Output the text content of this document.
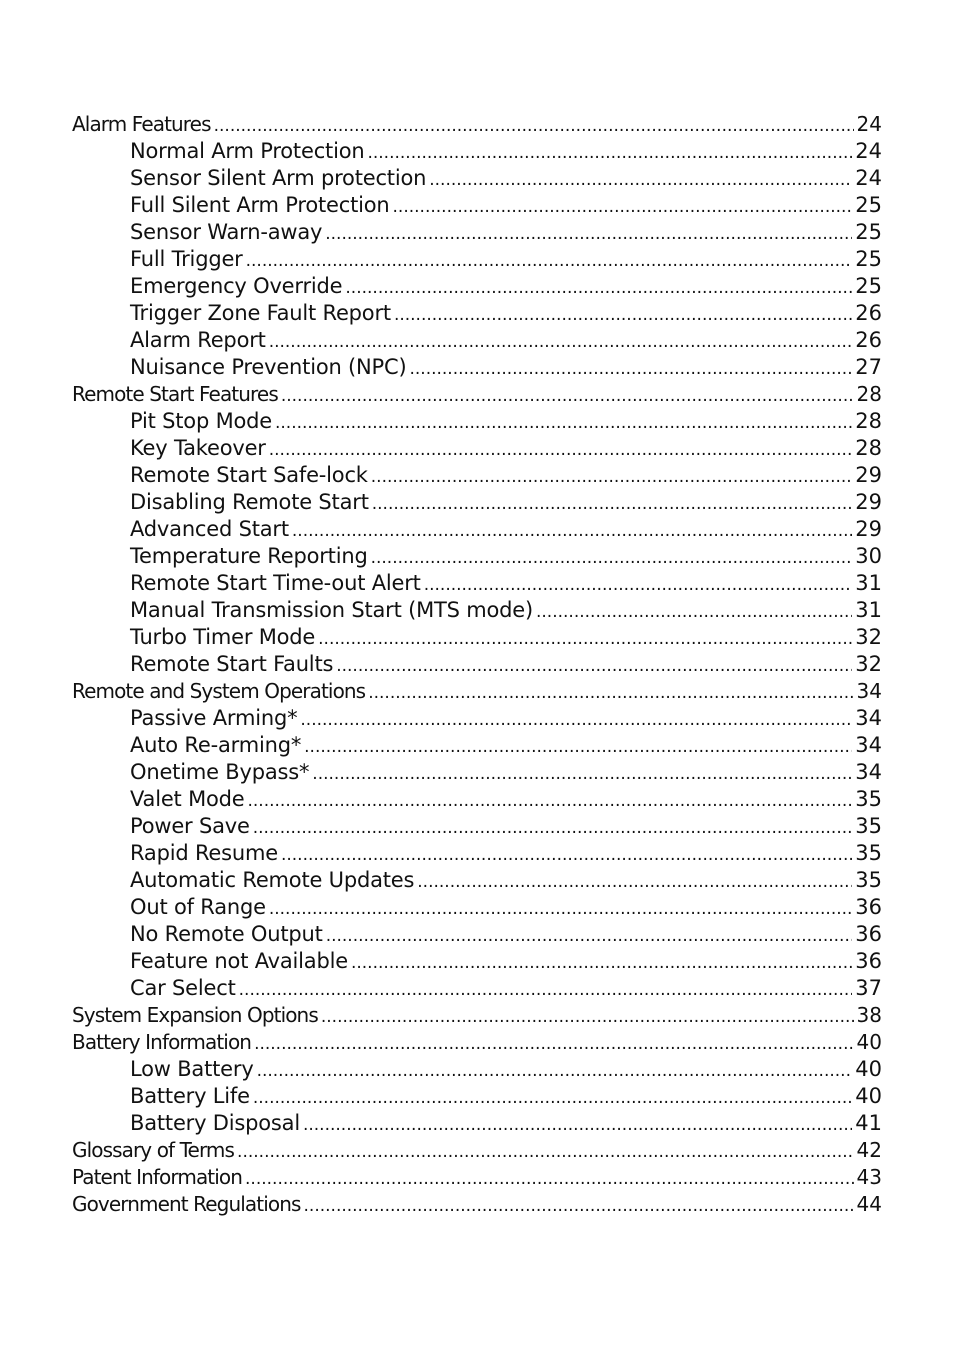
Alarm Features .....	24
Normal Arm Protection .....	24
Sensor Silent Arm protection .....	24
Full Silent Arm Protection .....	25
Sensor Warn-away .....	25
Full Trigger .....	25
Emergency Override .....	25
Trigger Zone Fault Report .....	26
Alarm Report .....	26
Nuisance Prevention (NPC) .....	27
Remote Start Features .....	28
Pit Stop Mode .....	28
Key Takeover .....	28
Remote Start Safe-lock .....	29
Disabling Remote Start .....	29
Advanced Start .....	29
Temperature Reporting .....	30
Remote Start Time-out Alert .....	31
Manual Transmission Start (MTS mode) .....	31
Turbo Timer Mode .....	32
Remote Start Faults .....	32
Remote and System Operations .....	34
Passive Arming* .....	34
Auto Re-arming* .....	34
Onetime Bypass* .....	34
Valet Mode .....	35
Power Save .....	35
Rapid Resume .....	35
Automatic Remote Updates .....	35
Out of Range .....	36
No Remote Output .....	36
Feature not Available .....	36
Car Select .....	37
System Expansion Options .....	38
Battery Information .....	40
Low Battery .....	40
Battery Life .....	40
Battery Disposal .....	41
Glossary of Terms .....	42
Patent Information .....	43
Government Regulations .....	44
